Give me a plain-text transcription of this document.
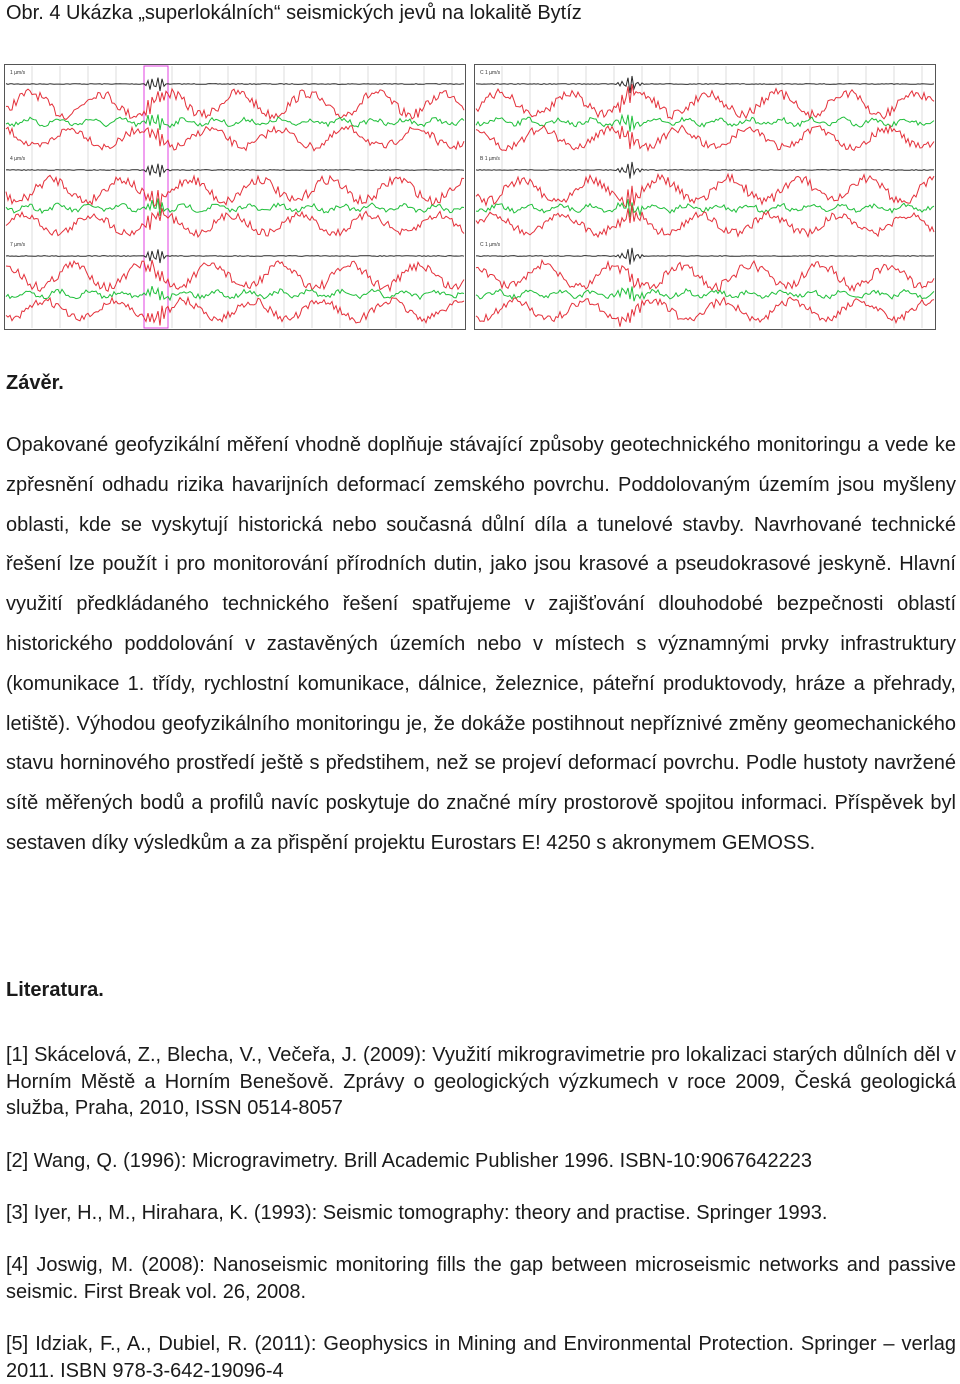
Obr. 4 Ukázka „superlokálních“ seismických jevů na lokalitě Bytíz
1 µm/s
4 µm/s
7 µm/s
C 1 µm/s
B 1 µm/s
C 1 µm/s
Závěr.

Opakované geofyzikální měření vhodně doplňuje stávající způsoby geotechnického monitoringu a vede ke zpřesnění odhadu rizika havarijních deformací zemského povrchu. Poddolovaným územím jsou myšleny oblasti, kde se vyskytují historická nebo současná důlní díla a tunelové stavby. Navrhované technické řešení lze použít i pro monitorování přírodních dutin, jako jsou krasové a pseudokrasové jeskyně. Hlavní využití předkládaného technického řešení spatřujeme v zajišťování dlouhodobé bezpečnosti oblastí historického poddolování v zastavěných územích nebo v místech s významnými prvky infrastruktury (komunikace 1. třídy, rychlostní komunikace, dálnice, železnice, páteřní produktovody, hráze a přehrady, letiště). Výhodou geofyzikálního monitoringu je, že dokáže postihnout nepříznivé změny geomechanického stavu horninového prostředí ještě s předstihem, než se projeví deformací povrchu. Podle hustoty navržené sítě měřených bodů a profilů navíc poskytuje do značné míry prostorově spojitou informaci. Příspěvek byl sestaven díky výsledkům a za přispění projektu Eurostars E! 4250 s akronymem GEMOSS.

Literatura.

[1] Skácelová, Z., Blecha, V., Večeřa, J. (2009): Využití mikrogravimetrie pro lokalizaci starých důlních děl v Horním Městě a Horním Benešově. Zprávy o geologických výzkumech v roce 2009, Česká geologická služba, Praha, 2010, ISSN 0514-8057

[2] Wang, Q. (1996): Microgravimetry. Brill Academic Publisher 1996. ISBN-10:9067642223

[3] Iyer, H., M., Hirahara, K. (1993): Seismic tomography: theory and practise. Springer 1993.

[4] Joswig, M. (2008): Nanoseismic monitoring fills the gap between microseismic networks and passive seismic. First Break vol. 26, 2008.

[5] Idziak, F., A., Dubiel, R. (2011): Geophysics in Mining and Environmental Protection. Springer – verlag 2011. ISBN 978-3-642-19096-4
